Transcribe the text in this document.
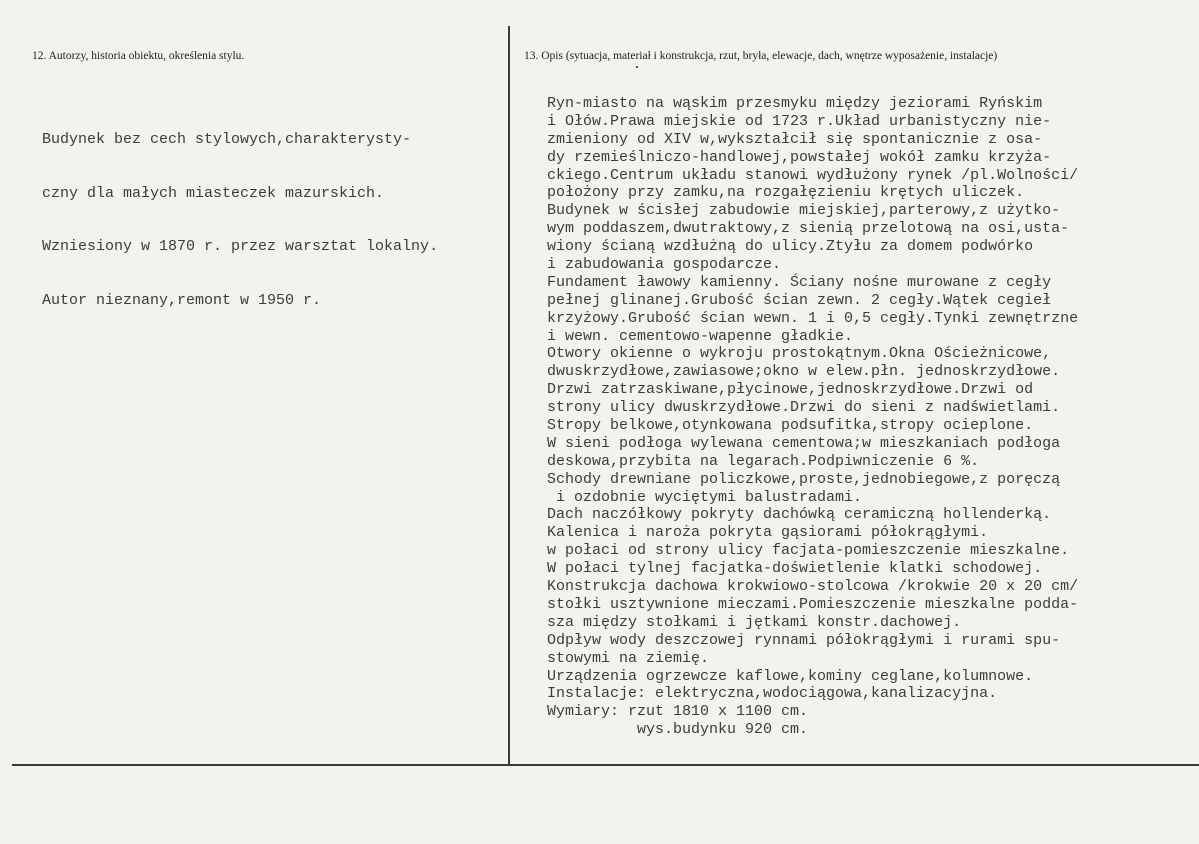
12. Autorzy, historia obiektu, określenia stylu.	13. Opis (sytuacja, materiał i konstrukcja, rzut, bryła, elewacje, dach, wnętrze wyposażenie, instalacje)

Budynek bez cech stylowych,charakterysty-

czny dla małych miasteczek mazurskich.

Wzniesiony w 1870 r. przez warsztat lokalny.

Autor nieznany,remont w 1950 r.

Ryn-miasto na wąskim przesmyku między jeziorami Ryńskim
i Ołów.Prawa miejskie od 1723 r.Układ urbanistyczny nie-
zmieniony od XIV w,wykształcił się spontanicznie z osa-
dy rzemieślniczo-handlowej,powstałej wokół zamku krzyża-
ckiego.Centrum układu stanowi wydłużony rynek /pl.Wolności/
położony przy zamku,na rozgałęzieniu krętych uliczek.
Budynek w ścisłej zabudowie miejskiej,parterowy,z użytko-
wym poddaszem,dwutraktowy,z sienią przelotową na osi,usta-
wiony ścianą wzdłużną do ulicy.Ztyłu za domem podwórko
i zabudowania gospodarcze.
Fundament ławowy kamienny. Ściany nośne murowane z cegły
pełnej glinanej.Grubość ścian zewn. 2 cegły.Wątek cegieł
krzyżowy.Grubość ścian wewn. 1 i 0,5 cegły.Tynki zewnętrzne
i wewn. cementowo-wapenne gładkie.
Otwory okienne o wykroju prostokątnym.Okna Ościeżnicowe,
dwuskrzydłowe,zawiasowe;okno w elew.płn. jednoskrzydłowe.
Drzwi zatrzaskiwane,płycinowe,jednoskrzydłowe.Drzwi od
strony ulicy dwuskrzydłowe.Drzwi do sieni z nadświetlami.
Stropy belkowe,otynkowana podsufitka,stropy ocieplone.
W sieni podłoga wylewana cementowa;w mieszkaniach podłoga
deskowa,przybita na legarach.Podpiwniczenie 6 %.
Schody drewniane policzkowe,proste,jednobiegowe,z poręczą
i ozdobnie wyciętymi balustradami.
Dach naczółkowy pokryty dachówką ceramiczną hollenderką.
Kalenica i naroża pokryta gąsiorami półokrągłymi.
w połaci od strony ulicy facjata-pomieszczenie mieszkalne.
W połaci tylnej facjatka-doświetlenie klatki schodowej.
Konstrukcja dachowa krokwiowo-stolcowa /krokwie 20 x 20 cm/
stołki usztywnione mieczami.Pomieszczenie mieszkalne podda-
sza między stołkami i jętkami konstr.dachowej.
Odpływ wody deszczowej rynnami półokrągłymi i rurami spu-
stowymi na ziemię.
Urządzenia ogrzewcze kaflowe,kominy ceglane,kolumnowe.
Instalacje: elektryczna,wodociągowa,kanalizacyjna.
Wymiary: rzut 1810 x 1100 cm.
wys.budynku 920 cm.
